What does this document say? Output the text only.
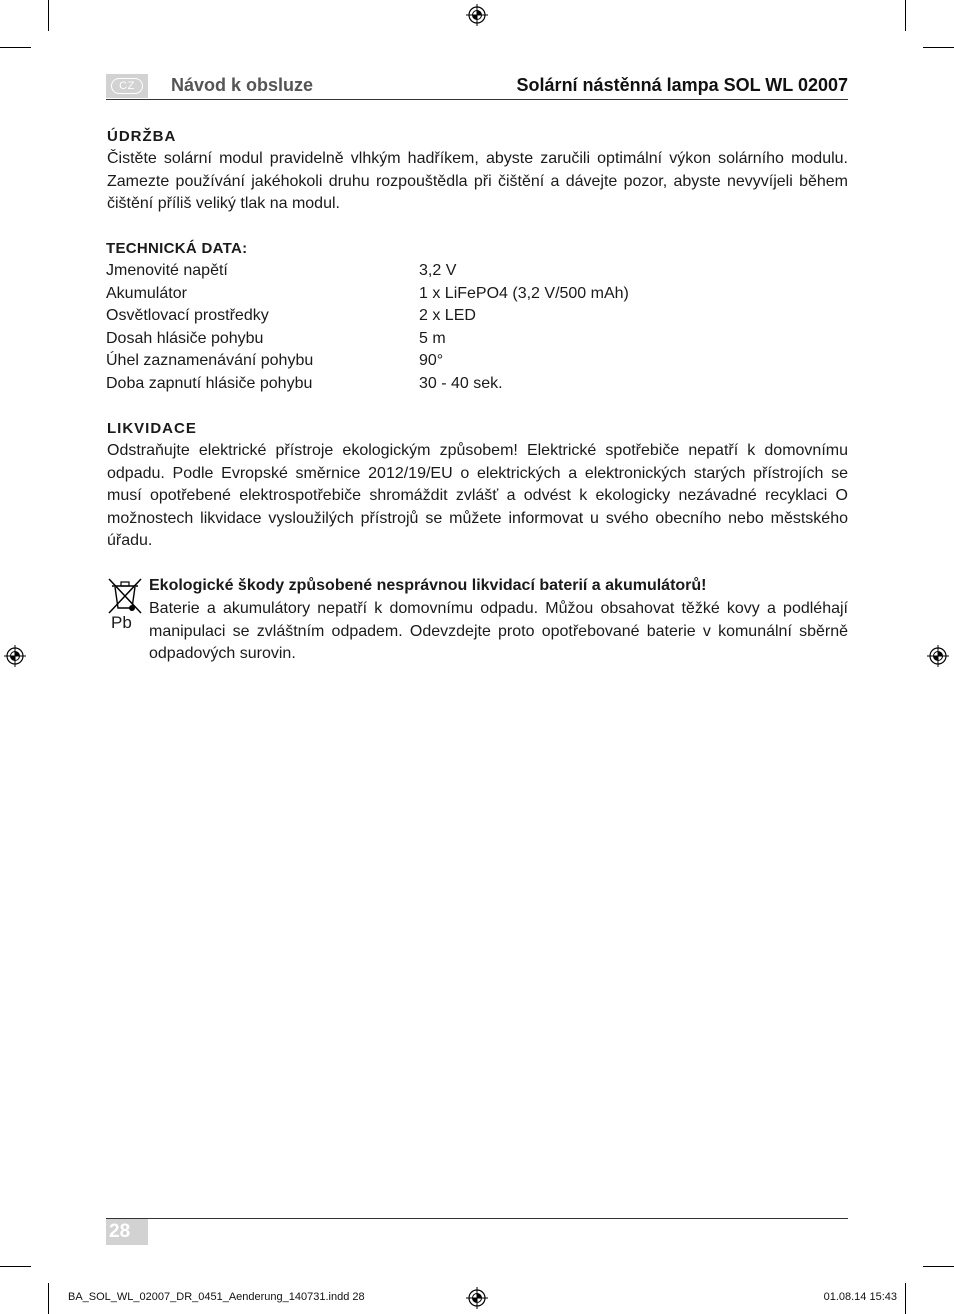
CZ	Návod k obsluze	Solární nástěnná lampa SOL WL 02007
ÚDRŽBA
Čistěte solární modul pravidelně vlhkým hadříkem, abyste zaručili optimální výkon solárního modulu. Zamezte používání jakéhokoli druhu rozpouštědla při čištění a dávejte pozor, abyste nevyvíjeli během čištění příliš veliký tlak na modul.
TECHNICKÁ DATA:
Jmenovité napětí	3,2 V
Akumulátor	1 x LiFePO4 (3,2 V/500 mAh)
Osvětlovací prostředky	2 x LED
Dosah hlásiče pohybu	5 m
Úhel zaznamenávání pohybu	90°
Doba zapnutí hlásiče pohybu	30 - 40 sek.
LIKVIDACE
Odstraňujte elektrické přístroje ekologickým způsobem! Elektrické spotřebiče nepatří k domovnímu odpadu. Podle Evropské směrnice 2012/19/EU o elektrických a elektronických starých přístrojích se musí opotřebené elektrospotřebiče shromáždit zvlášť a odvést k ekologicky nezávadné recyklaci O možnostech likvidace vysloužilých přístrojů se můžete informovat u svého obecního nebo městského úřadu.
Pb
Ekologické škody způsobené nesprávnou likvidací baterií a akumulátorů!
Baterie a akumulátory nepatří k domovnímu odpadu. Můžou obsahovat těžké kovy a podléhají manipulaci se zvláštním odpadem. Odevzdejte proto opotřebované baterie v komunální sběrně odpadových surovin.
28
BA_SOL_WL_02007_DR_0451_Aenderung_140731.indd 28	01.08.14 15:43
